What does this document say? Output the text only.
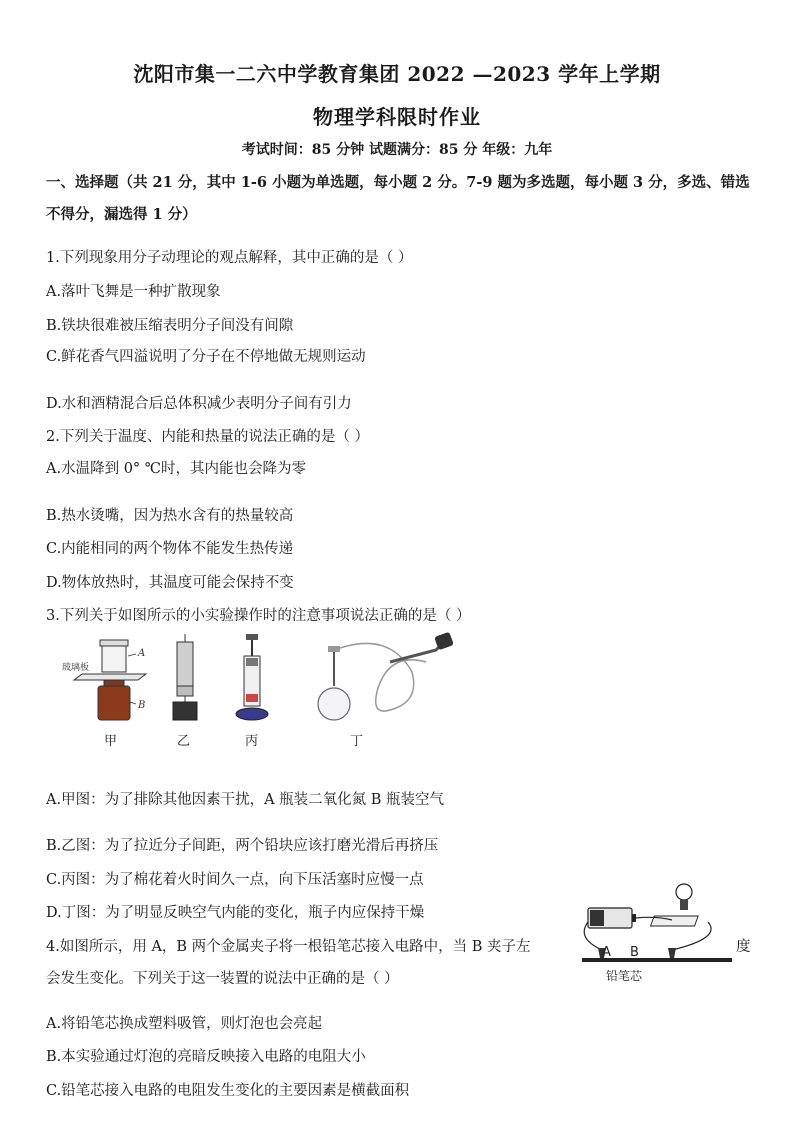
沈阳市集一二六中学教育集团 2022 —2023 学年上学期
物理学科限时作业
考试时间：85 分钟 试题满分：85 分 年级：九年
一、选择题（共 21 分，其中 1-6 小题为单选题，每小题 2 分。7-9 题为多选题，每小题 3 分，多选、错选不得分，漏选得 1 分）
1.下列现象用分子动理论的观点解释，其中正确的是（ ）
A.落叶飞舞是一种扩散现象
B.铁块很难被压缩表明分子间没有间隙
C.鲜花香气四溢说明了分子在不停地做无规则运动
D.水和酒精混合后总体积减少表明分子间有引力
2.下列关于温度、内能和热量的说法正确的是（ ）
A.水温降到 0° ℃时，其内能也会降为零
B.热水烫嘴，因为热水含有的热量较高
C.内能相同的两个物体不能发生热传递
D.物体放热时，其温度可能会保持不变
3.下列关于如图所示的小实验操作时的注意事项说法正确的是（ ）
玻璃板
A
B
甲	乙	丙	丁
A.甲图：为了排除其他因素干扰，A 瓶装二氧化氮 B 瓶装空气
B.乙图：为了拉近分子间距，两个铅块应该打磨光滑后再挤压
C.丙图：为了棉花着火时间久一点，向下压活塞时应慢一点
D.丁图：为了明显反映空气内能的变化，瓶子内应保持干燥
4.如图所示，用 A，B 两个金属夹子将一根铅笔芯接入电路中，当 B 夹子左	度
会发生变化。下列关于这一装置的说法中正确的是（ ）
A B
铅笔芯
A.将铅笔芯换成塑料吸管，则灯泡也会亮起
B.本实验通过灯泡的亮暗反映接入电路的电阻大小
C.铅笔芯接入电路的电阻发生变化的主要因素是横截面积
